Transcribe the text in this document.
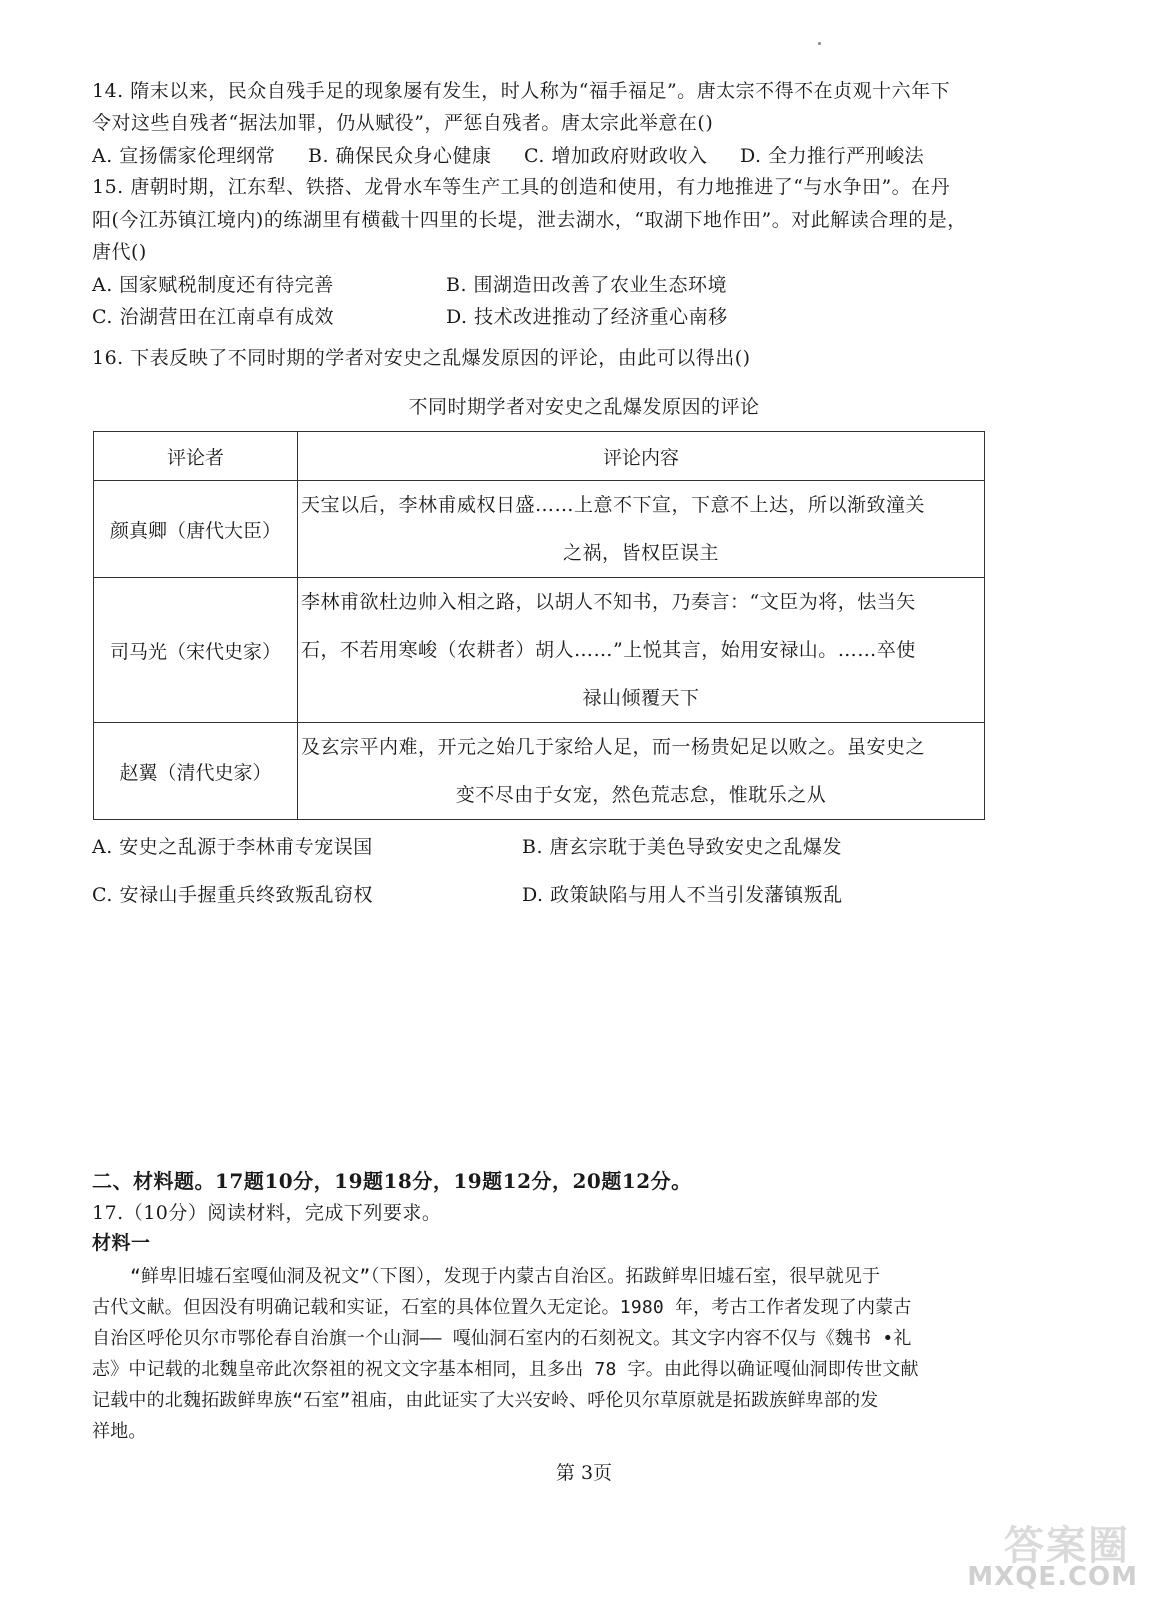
14. 隋末以来，民众自残手足的现象屡有发生，时人称为“福手福足”。唐太宗不得不在贞观十六年下
令对这些自残者“据法加罪，仍从赋役”，严惩自残者。唐太宗此举意在()
A. 宣扬儒家伦理纲常 B. 确保民众身心健康 C. 增加政府财政收入 D. 全力推行严刑峻法
15. 唐朝时期，江东犁、铁搭、龙骨水车等生产工具的创造和使用，有力地推进了“与水争田”。在丹
阳(今江苏镇江境内)的练湖里有横截十四里的长堤，泄去湖水，“取湖下地作田”。对此解读合理的是，
唐代()
A. 国家赋税制度还有待完善	B. 围湖造田改善了农业生态环境
C. 治湖营田在江南卓有成效	D. 技术改进推动了经济重心南移
16. 下表反映了不同时期的学者对安史之乱爆发原因的评论，由此可以得出()
不同时期学者对安史之乱爆发原因的评论
评论者	评论内容
颜真卿（唐代大臣）	天宝以后，李林甫威权日盛……上意不下宣，下意不上达，所以渐致潼关
之祸，皆权臣误主

司马光（宋代史家）	李林甫欲杜边帅入相之路，以胡人不知书，乃奏言：“文臣为将，怯当矢
石，不若用寒峻（农耕者）胡人……”上悦其言，始用安禄山。……卒使
禄山倾覆天下

赵翼（清代史家）	及玄宗平内难，开元之始几于家给人足，而一杨贵妃足以败之。虽安史之
变不尽由于女宠，然色荒志怠，惟耽乐之从
A. 安史之乱源于李林甫专宠误国	B. 唐玄宗耽于美色导致安史之乱爆发
C. 安禄山手握重兵终致叛乱窃权	D. 政策缺陷与用人不当引发藩镇叛乱
二、材料题。17题10分，19题18分，19题12分，20题12分。
17.（10分）阅读材料，完成下列要求。
材料一
“鲜卑旧墟石室嘎仙洞及祝文”（下图），发现于内蒙古自治区。拓跋鲜卑旧墟石室，很早就见于
古代文献。但因没有明确记载和实证，石室的具体位置久无定论。1980 年，考古工作者发现了内蒙古
自治区呼伦贝尔市鄂伦春自治旗一个山洞—— 嘎仙洞石室内的石刻祝文。其文字内容不仅与《魏书 •礼
志》中记载的北魏皇帝此次祭祖的祝文文字基本相同，且多出 78 字。由此得以确证嘎仙洞即传世文献
记载中的北魏拓跋鲜卑族“石室”祖庙，由此证实了大兴安岭、呼伦贝尔草原就是拓跋族鲜卑部的发
祥地。
第 3页
答案圈
MXQE.COM
